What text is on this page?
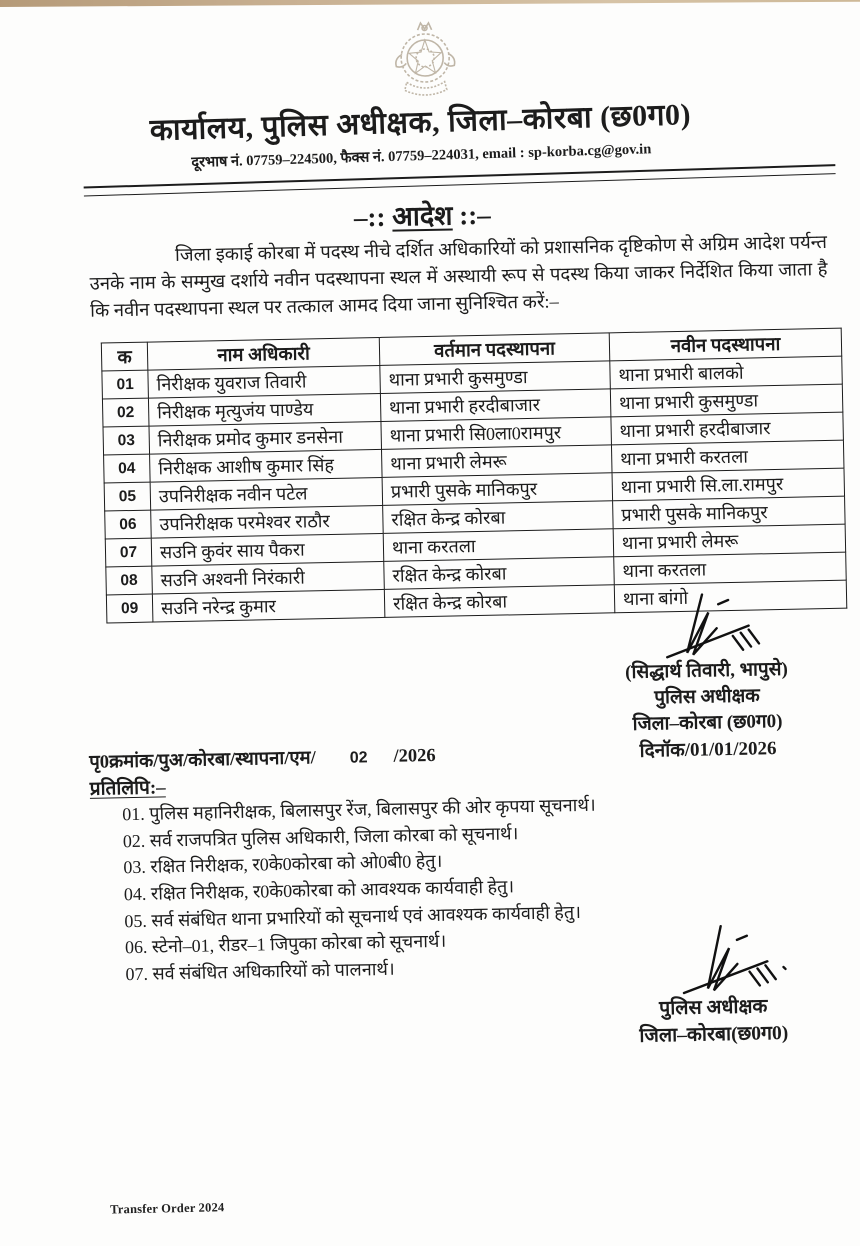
कार्यालय, पुलिस अधीक्षक, जिला–कोरबा (छ0ग0)
दूरभाष नं. 07759–224500, फैक्स नं. 07759–224031, email : sp-korba.cg@gov.in
–:: आदेश ::–
जिला इकाई कोरबा में पदस्थ नीचे दर्शित अधिकारियों को प्रशासनिक दृष्टिकोण से अग्रिम आदेश पर्यन्त उनके नाम के सम्मुख दर्शाये नवीन पदस्थापना स्थल में अस्थायी रूप से पदस्थ किया जाकर निर्देशित किया जाता है कि नवीन पदस्थापना स्थल पर तत्काल आमद दिया जाना सुनिश्चित करें:–
क	नाम अधिकारी	वर्तमान पदस्थापना	नवीन पदस्थापना
01	निरीक्षक युवराज तिवारी	थाना प्रभारी कुसमुण्डा	थाना प्रभारी बालको
02	निरीक्षक मृत्युजंय पाण्डेय	थाना प्रभारी हरदीबाजार	थाना प्रभारी कुसमुण्डा
03	निरीक्षक प्रमोद कुमार डनसेना	थाना प्रभारी सि0ला0रामपुर	थाना प्रभारी हरदीबाजार
04	निरीक्षक आशीष कुमार सिंह	थाना प्रभारी लेमरू	थाना प्रभारी करतला
05	उपनिरीक्षक नवीन पटेल	प्रभारी पुसके मानिकपुर	थाना प्रभारी सि.ला.रामपुर
06	उपनिरीक्षक परमेश्वर राठौर	रक्षित केन्द्र कोरबा	प्रभारी पुसके मानिकपुर
07	सउनि कुवंर साय पैकरा	थाना करतला	थाना प्रभारी लेमरू
08	सउनि अश्वनी निरंकारी	रक्षित केन्द्र कोरबा	थाना करतला
09	सउनि नरेन्द्र कुमार	रक्षित केन्द्र कोरबा	थाना बांगो
(सिद्धार्थ तिवारी, भापुसे)
पुलिस अधीक्षक
जिला–कोरबा (छ0ग0)
दिनॉक/01/01/2026
पृ0क्रमांक/पुअ/कोरबा/स्थापना/एम/ 02 /2026
प्रतिलिपि:–
01. पुलिस महानिरीक्षक, बिलासपुर रेंज, बिलासपुर की ओर कृपया सूचनार्थ।
02. सर्व राजपत्रित पुलिस अधिकारी, जिला कोरबा को सूचनार्थ।
03. रक्षित निरीक्षक, र0के0कोरबा को ओ0बी0 हेतु।
04. रक्षित निरीक्षक, र0के0कोरबा को आवश्यक कार्यवाही हेतु।
05. सर्व संबंधित थाना प्रभारियों को सूचनार्थ एवं आवश्यक कार्यवाही हेतु।
06. स्टेनो–01, रीडर–1 जिपुका कोरबा को सूचनार्थ।
07. सर्व संबंधित अधिकारियों को पालनार्थ।
पुलिस अधीक्षक
जिला–कोरबा(छ0ग0)
Transfer Order 2024
